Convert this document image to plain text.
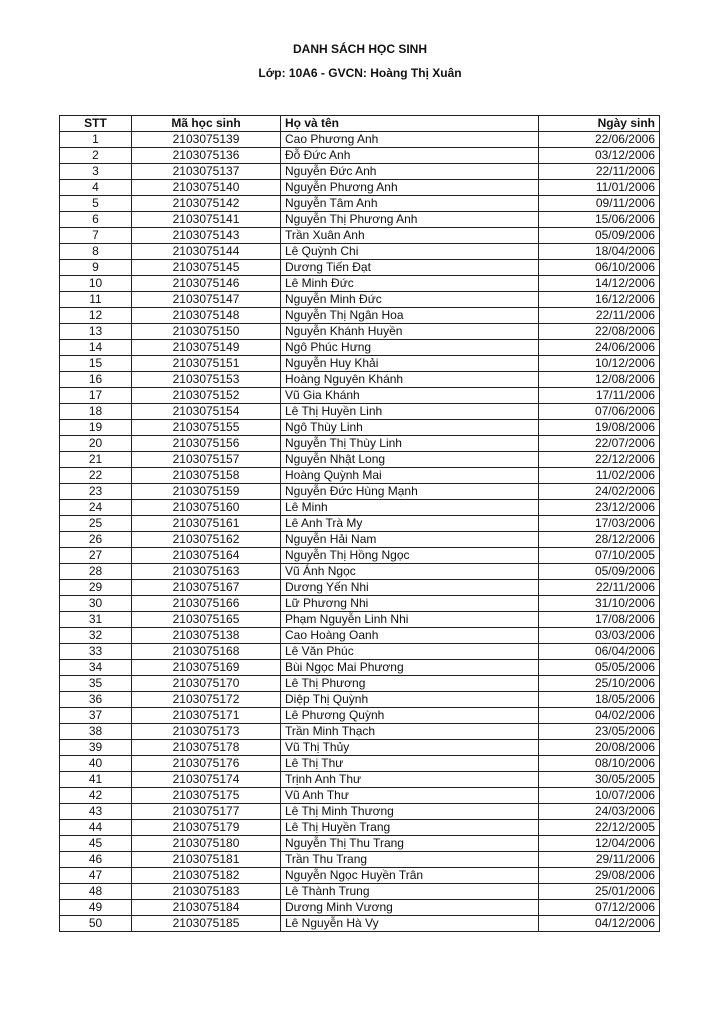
DANH SÁCH HỌC SINH
Lớp: 10A6 - GVCN: Hoàng Thị Xuân
STT	Mã học sinh	Họ và tên	Ngày sinh
1	2103075139	Cao Phương Anh	22/06/2006
2	2103075136	Đỗ Đức Anh	03/12/2006
3	2103075137	Nguyễn Đức Anh	22/11/2006
4	2103075140	Nguyễn Phương Anh	11/01/2006
5	2103075142	Nguyễn Tâm Anh	09/11/2006
6	2103075141	Nguyễn Thị Phương Anh	15/06/2006
7	2103075143	Trần Xuân Anh	05/09/2006
8	2103075144	Lê Quỳnh Chi	18/04/2006
9	2103075145	Dương Tiến Đạt	06/10/2006
10	2103075146	Lê Minh Đức	14/12/2006
11	2103075147	Nguyễn Minh Đức	16/12/2006
12	2103075148	Nguyễn Thị Ngân Hoa	22/11/2006
13	2103075150	Nguyễn Khánh Huyền	22/08/2006
14	2103075149	Ngô Phúc Hưng	24/06/2006
15	2103075151	Nguyễn Huy Khải	10/12/2006
16	2103075153	Hoàng Nguyên Khánh	12/08/2006
17	2103075152	Vũ Gia Khánh	17/11/2006
18	2103075154	Lê Thị Huyền Linh	07/06/2006
19	2103075155	Ngô Thùy Linh	19/08/2006
20	2103075156	Nguyễn Thị Thùy Linh	22/07/2006
21	2103075157	Nguyễn Nhật Long	22/12/2006
22	2103075158	Hoàng Quỳnh Mai	11/02/2006
23	2103075159	Nguyễn Đức Hùng Mạnh	24/02/2006
24	2103075160	Lê Minh	23/12/2006
25	2103075161	Lê Anh Trà My	17/03/2006
26	2103075162	Nguyễn Hải Nam	28/12/2006
27	2103075164	Nguyễn Thị Hồng Ngọc	07/10/2005
28	2103075163	Vũ Ánh Ngọc	05/09/2006
29	2103075167	Dương Yến Nhi	22/11/2006
30	2103075166	Lữ Phương Nhi	31/10/2006
31	2103075165	Phạm Nguyễn Linh Nhi	17/08/2006
32	2103075138	Cao Hoàng Oanh	03/03/2006
33	2103075168	Lê Văn Phúc	06/04/2006
34	2103075169	Bùi Ngọc Mai Phương	05/05/2006
35	2103075170	Lê Thị Phương	25/10/2006
36	2103075172	Diệp Thị Quỳnh	18/05/2006
37	2103075171	Lê Phương Quỳnh	04/02/2006
38	2103075173	Trần Minh Thạch	23/05/2006
39	2103075178	Vũ Thị Thủy	20/08/2006
40	2103075176	Lê Thị Thư	08/10/2006
41	2103075174	Trịnh Anh Thư	30/05/2005
42	2103075175	Vũ Anh Thư	10/07/2006
43	2103075177	Lê Thị Minh Thương	24/03/2006
44	2103075179	Lê Thị Huyền Trang	22/12/2005
45	2103075180	Nguyễn Thị Thu Trang	12/04/2006
46	2103075181	Trần Thu Trang	29/11/2006
47	2103075182	Nguyễn Ngọc Huyền Trân	29/08/2006
48	2103075183	Lê Thành Trung	25/01/2006
49	2103075184	Dương Minh Vương	07/12/2006
50	2103075185	Lê Nguyễn Hà Vy	04/12/2006
